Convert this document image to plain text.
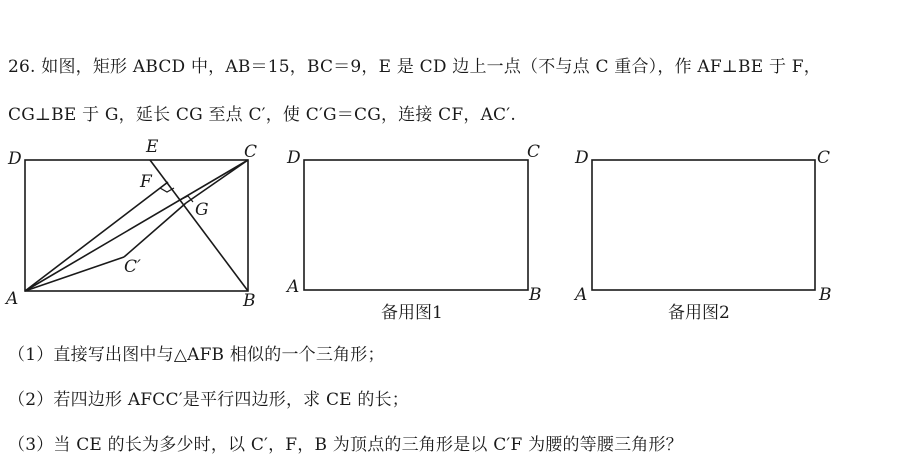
26. 如图，矩形 ABCD 中，AB＝15，BC＝9，E 是 CD 边上一点（不与点 C 重合），作 AF⊥BE 于 F，
CG⊥BE 于 G，延长 CG 至点 C′，使 C′G＝CG，连接 CF，AC′.
D
E	C
F
G
C′
A	B
D	C
A	B
备用图1
D	C
A	B
备用图2
（1）直接写出图中与△AFB 相似的一个三角形；
（2）若四边形 AFCC′是平行四边形，求 CE 的长；
（3）当 CE 的长为多少时，以 C′，F，B 为顶点的三角形是以 C′F 为腰的等腰三角形？
